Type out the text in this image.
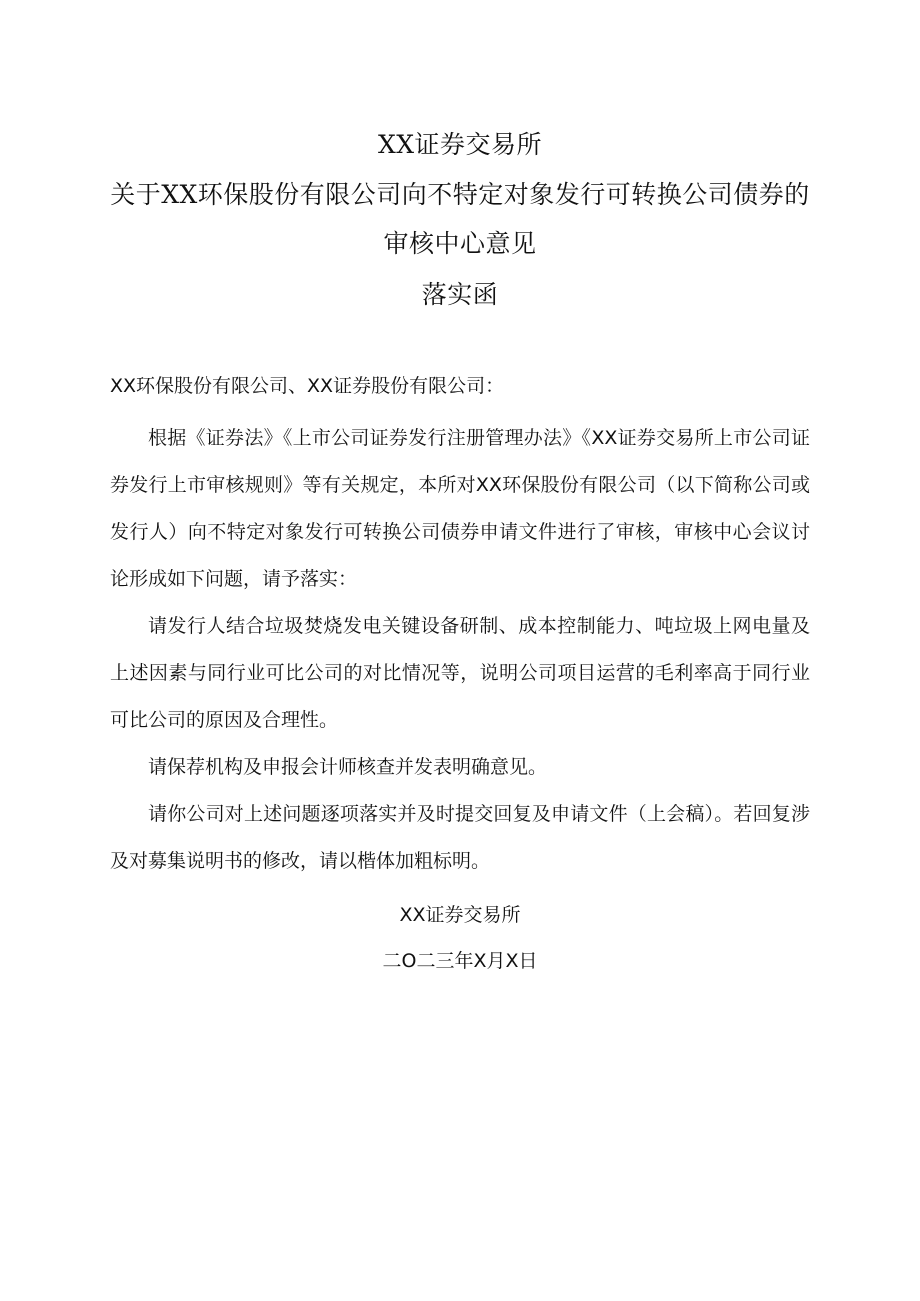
XX证券交易所
关于XX环保股份有限公司向不特定对象发行可转换公司债券的
审核中心意见
落实函
XX环保股份有限公司、XX证券股份有限公司：

根据《证券法》《上市公司证券发行注册管理办法》《XX证券交易所上市公司证券发行上市审核规则》等有关规定，本所对XX环保股份有限公司（以下简称公司或发行人）向不特定对象发行可转换公司债券申请文件进行了审核，审核中心会议讨论形成如下问题，请予落实：

请发行人结合垃圾焚烧发电关键设备研制、成本控制能力、吨垃圾上网电量及上述因素与同行业可比公司的对比情况等，说明公司项目运营的毛利率高于同行业可比公司的原因及合理性。

请保荐机构及申报会计师核查并发表明确意见。

请你公司对上述问题逐项落实并及时提交回复及申请文件（上会稿）。若回复涉及对募集说明书的修改，请以楷体加粗标明。

XX证券交易所
二O二三年X月X日
